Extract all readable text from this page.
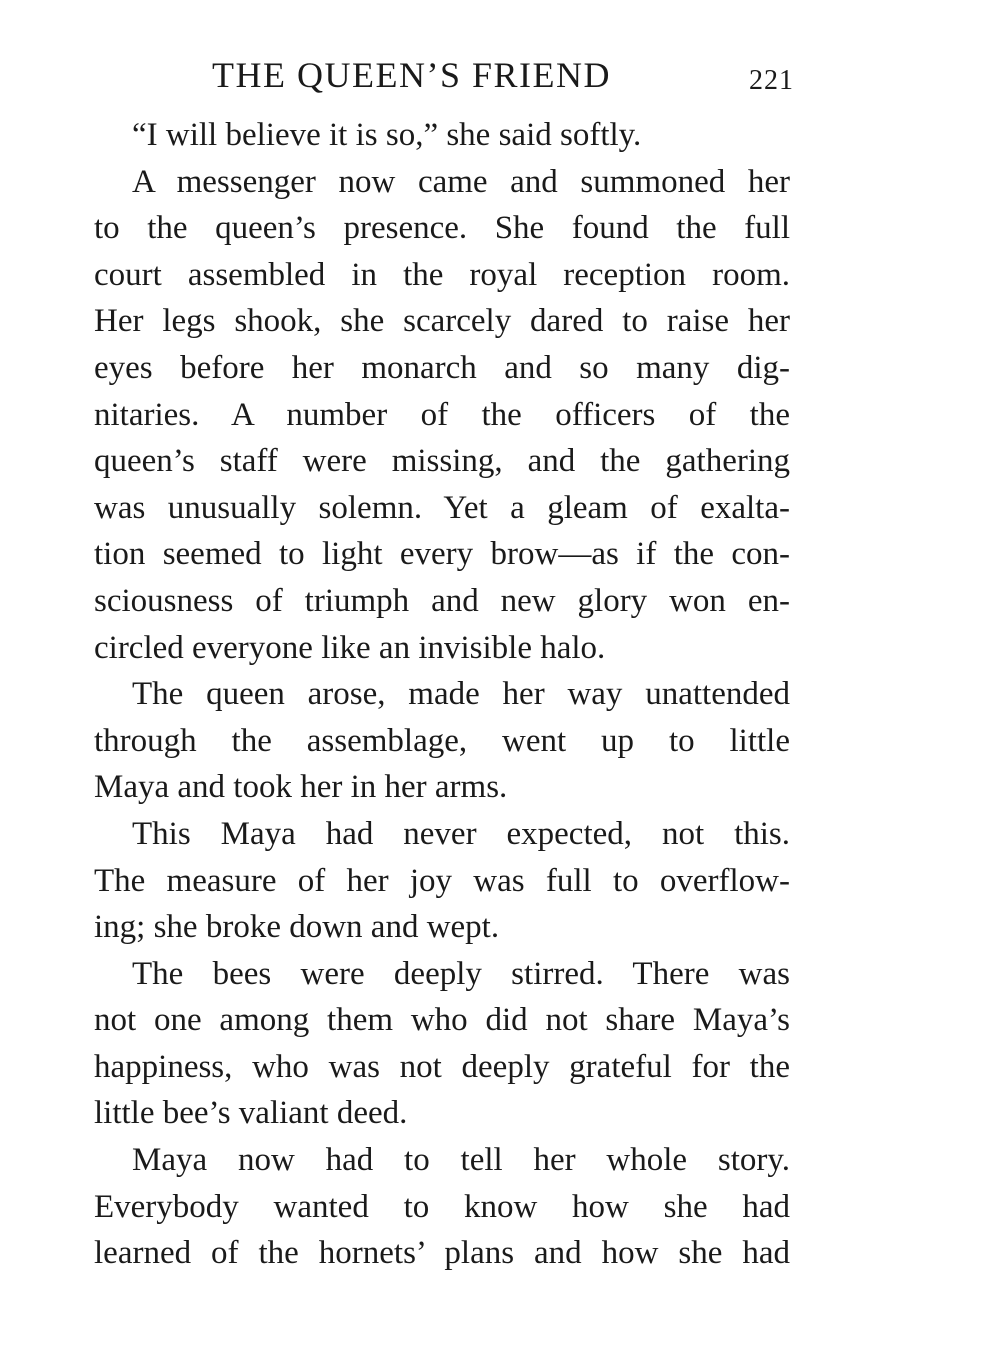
THE QUEEN’S FRIEND	221
“I will believe it is so,” she said softly.
A messenger now came and summoned her
to the queen’s presence. She found the full
court assembled in the royal reception room.
Her legs shook, she scarcely dared to raise her
eyes before her monarch and so many dig-
nitaries. A number of the officers of the
queen’s staff were missing, and the gathering
was unusually solemn. Yet a gleam of exalta-
tion seemed to light every brow—as if the con-
sciousness of triumph and new glory won en-
circled everyone like an invisible halo.
The queen arose, made her way unattended
through the assemblage, went up to little
Maya and took her in her arms.
This Maya had never expected, not this.
The measure of her joy was full to overflow-
ing; she broke down and wept.
The bees were deeply stirred. There was
not one among them who did not share Maya’s
happiness, who was not deeply grateful for the
little bee’s valiant deed.
Maya now had to tell her whole story.
Everybody wanted to know how she had
learned of the hornets’ plans and how she had
